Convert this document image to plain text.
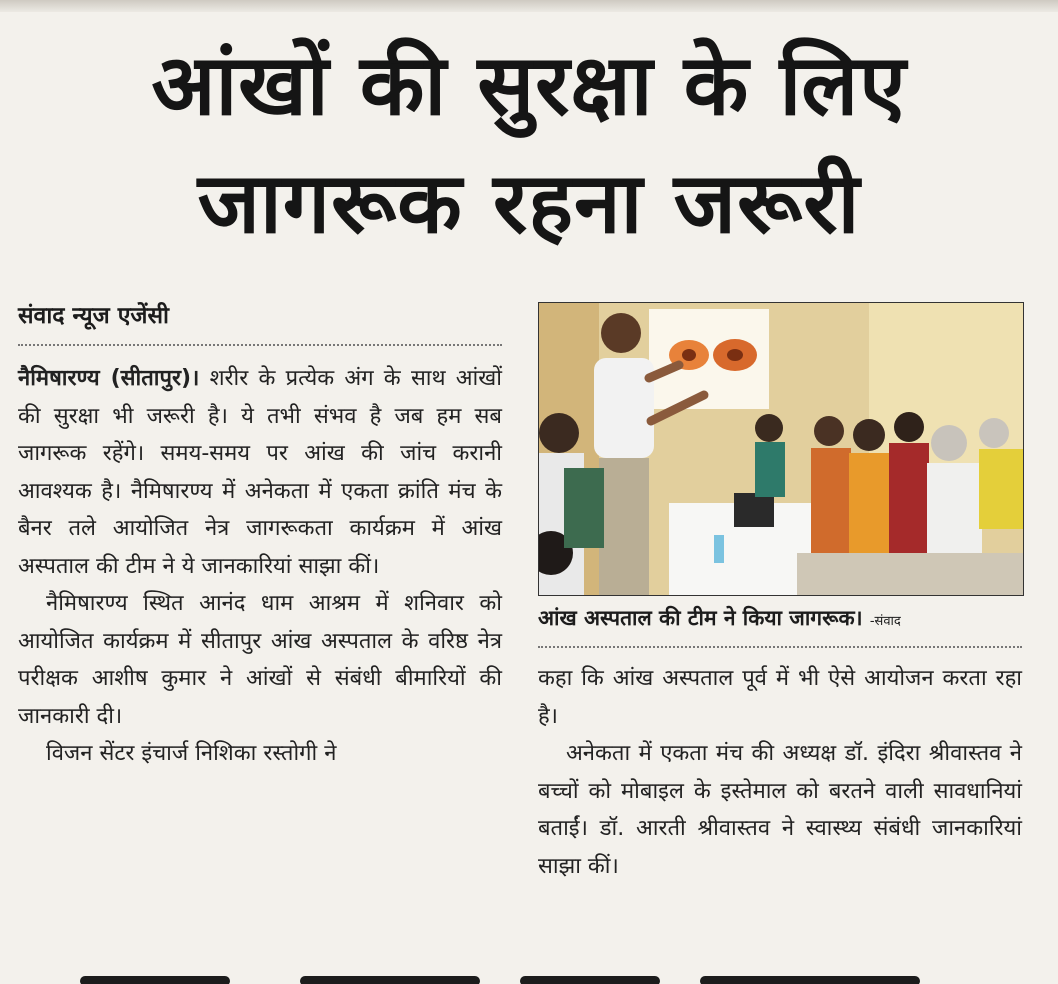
आंखों की सुरक्षा के लिए
जागरूक रहना जरूरी
संवाद न्यूज एजेंसी

नैमिषारण्य (सीतापुर)। शरीर के प्रत्येक अंग के साथ आंखों की सुरक्षा भी जरूरी है। ये तभी संभव है जब हम सब जागरूक रहेंगे। समय-समय पर आंख की जांच करानी आवश्यक है। नैमिषारण्य में अनेकता में एकता क्रांति मंच के बैनर तले आयोजित नेत्र जागरूकता कार्यक्रम में आंख अस्पताल की टीम ने ये जानकारियां साझा कीं।

नैमिषारण्य स्थित आनंद धाम आश्रम में शनिवार को आयोजित कार्यक्रम में सीतापुर आंख अस्पताल के वरिष्ठ नेत्र परीक्षक आशीष कुमार ने आंखों से संबंधी बीमारियों की जानकारी दी।

विजन सेंटर इंचार्ज निशिका रस्तोगी ने

आंख अस्पताल की टीम ने किया जागरूक। -संवाद

कहा कि आंख अस्पताल पूर्व में भी ऐसे आयोजन करता रहा है।

अनेकता में एकता मंच की अध्यक्ष डॉ. इंदिरा श्रीवास्तव ने बच्चों को मोबाइल के इस्तेमाल को बरतने वाली सावधानियां बताईं। डॉ. आरती श्रीवास्तव ने स्वास्थ्य संबंधी जानकारियां साझा कीं।
